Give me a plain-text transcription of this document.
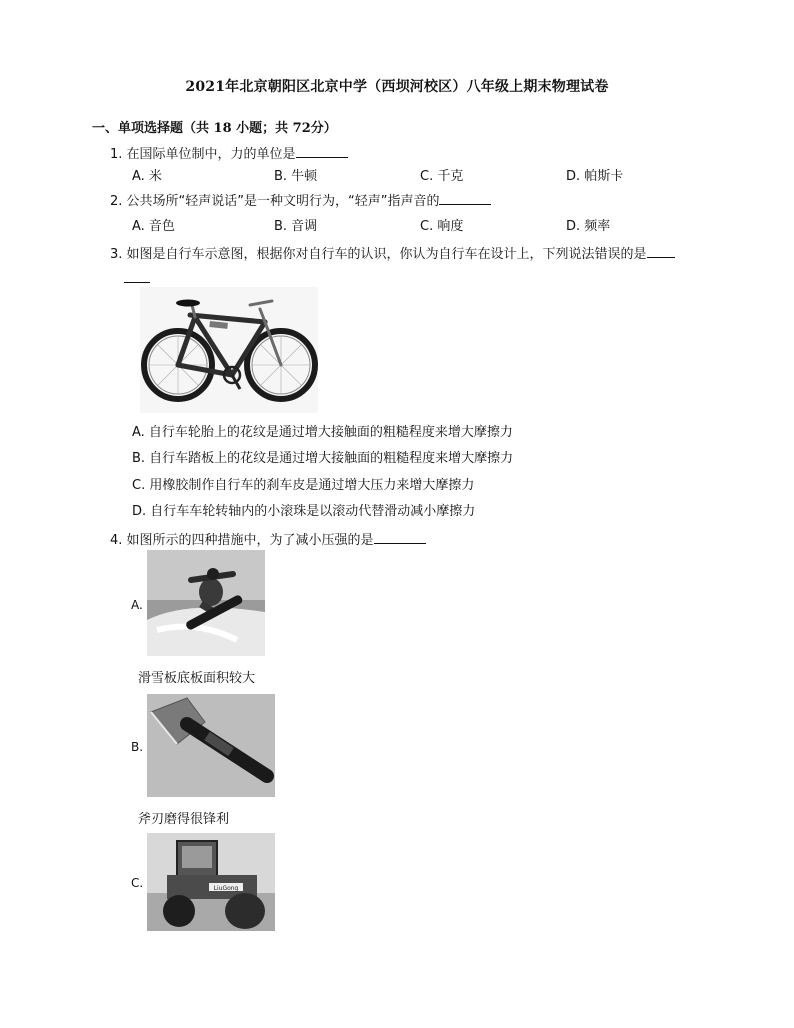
2021年北京朝阳区北京中学（西坝河校区）八年级上期末物理试卷
一、单项选择题（共 18 小题；共 72分）
1. 在国际单位制中，力的单位是
A. 米	B. 牛顿	C. 千克	D. 帕斯卡
2. 公共场所“轻声说话”是一种文明行为，“轻声”指声音的
A. 音色	B. 音调	C. 响度	D. 频率
3. 如图是自行车示意图，根据你对自行车的认识，你认为自行车在设计上，下列说法错误的是
A. 自行车轮胎上的花纹是通过增大接触面的粗糙程度来增大摩擦力
B. 自行车踏板上的花纹是通过增大接触面的粗糙程度来增大摩擦力
C. 用橡胶制作自行车的刹车皮是通过增大压力来增大摩擦力
D. 自行车车轮转轴内的小滚珠是以滚动代替滑动减小摩擦力
4. 如图所示的四种措施中，为了减小压强的是
A.
滑雪板底板面积较大
B.
斧刃磨得很锋利
C.	LiuGong
